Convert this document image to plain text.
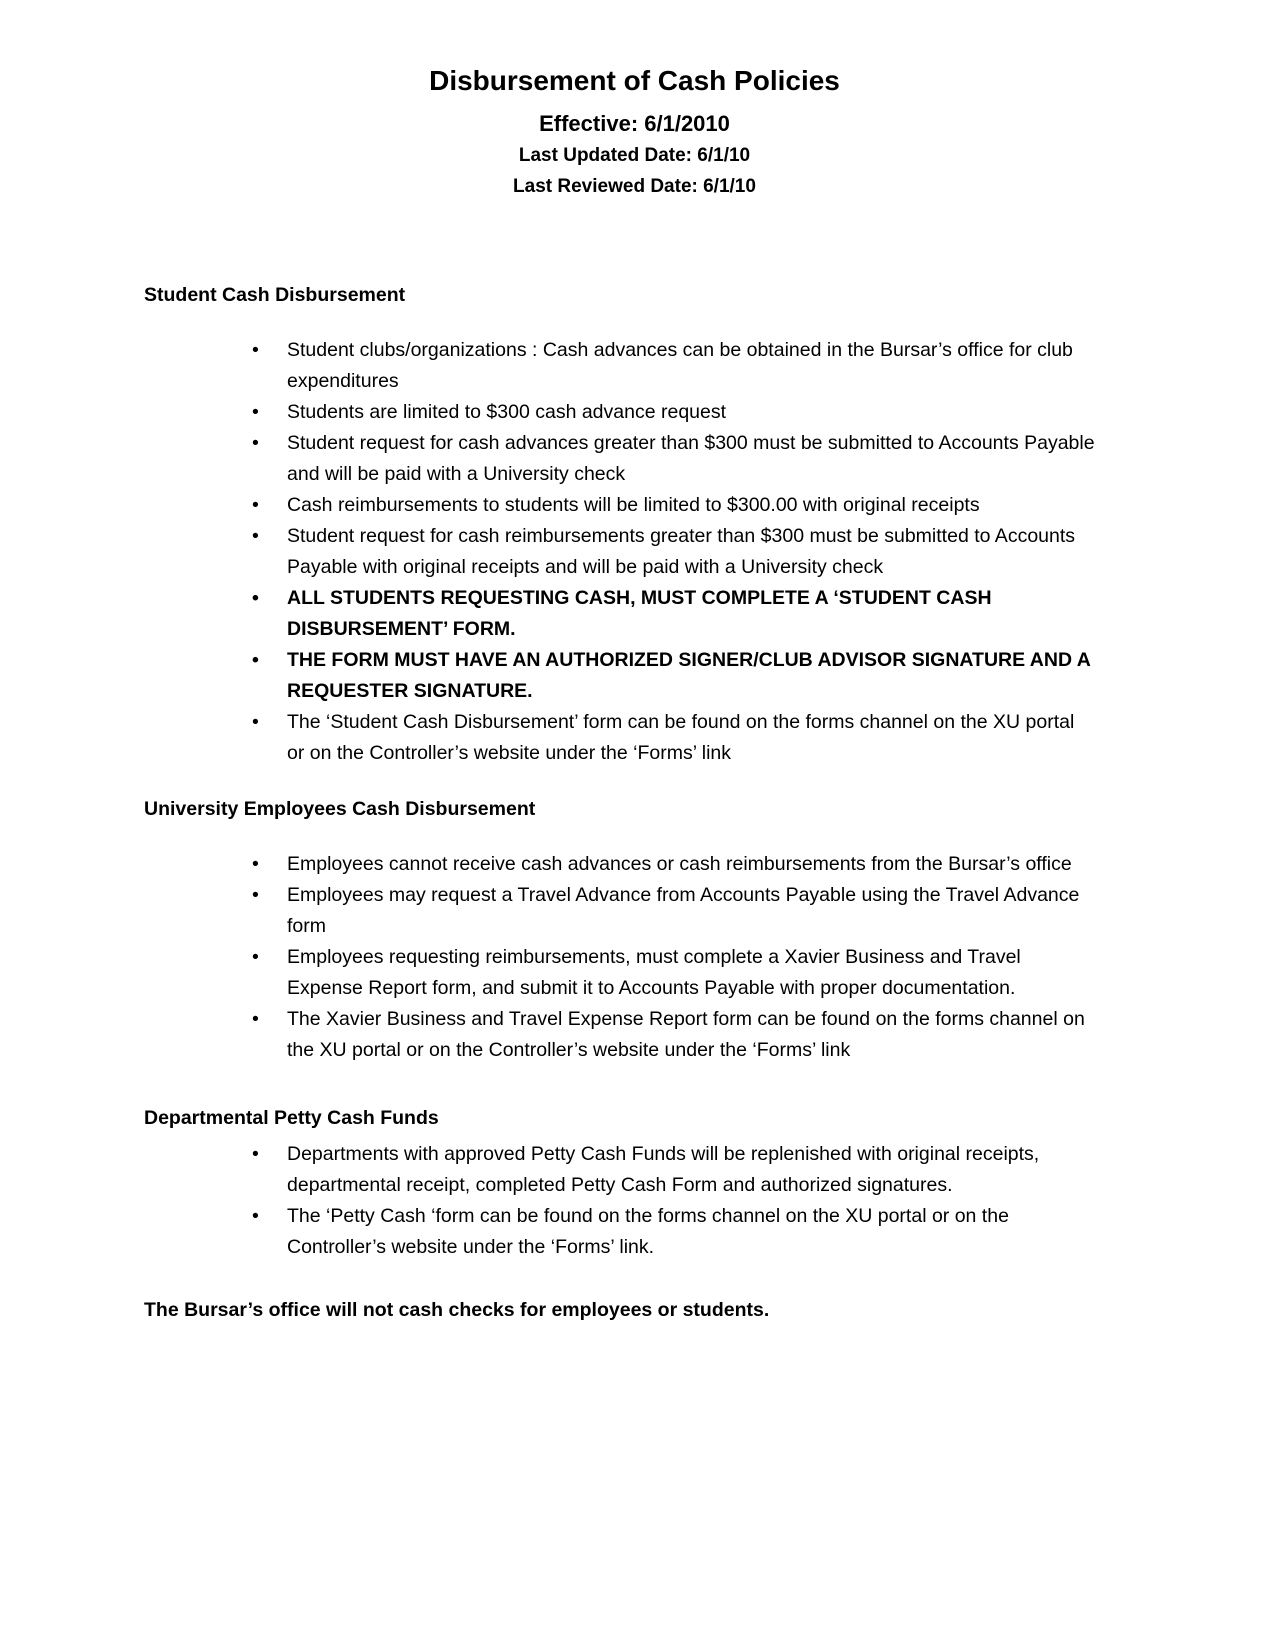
Disbursement of Cash Policies

Effective: 6/1/2010

Last Updated Date: 6/1/10

Last Reviewed Date: 6/1/10

Student Cash Disbursement
• Student clubs/organizations : Cash advances can be obtained in the Bursar’s office for club expenditures
• Students are limited to $300 cash advance request
• Student request for cash advances greater than $300 must be submitted to Accounts Payable and will be paid with a University check
• Cash reimbursements to students will be limited to $300.00 with original receipts
• Student request for cash reimbursements greater than $300 must be submitted to Accounts Payable with original receipts and will be paid with a University check
• ALL STUDENTS REQUESTING CASH, MUST COMPLETE A ‘STUDENT CASH DISBURSEMENT’ FORM.
• THE FORM MUST HAVE AN AUTHORIZED SIGNER/CLUB ADVISOR SIGNATURE AND A REQUESTER SIGNATURE.
• The ‘Student Cash Disbursement’ form can be found on the forms channel on the XU portal or on the Controller’s website under the ‘Forms’ link
University Employees Cash Disbursement
• Employees cannot receive cash advances or cash reimbursements from the Bursar’s office
• Employees may request a Travel Advance from Accounts Payable using the Travel Advance form
• Employees requesting reimbursements, must complete a Xavier Business and Travel Expense Report form, and submit it to Accounts Payable with proper documentation.
• The Xavier Business and Travel Expense Report form can be found on the forms channel on the XU portal or on the Controller’s website under the ‘Forms’ link
Departmental Petty Cash Funds
• Departments with approved Petty Cash Funds will be replenished with original receipts, departmental receipt, completed Petty Cash Form and authorized signatures.
• The ‘Petty Cash ‘form can be found on the forms channel on the XU portal or on the Controller’s website under the ‘Forms’ link.

The Bursar’s office will not cash checks for employees or students.
